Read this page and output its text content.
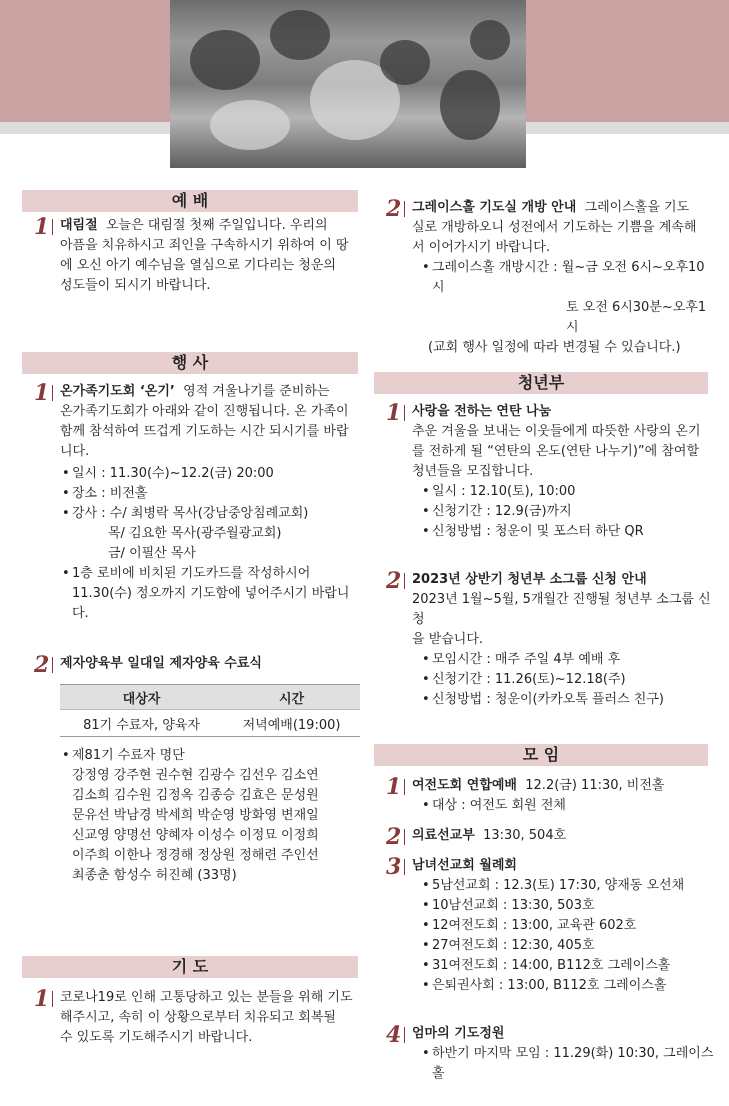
예 배
1 대림절 오늘은 대림절 첫째 주일입니다. 우리의

아픔을 치유하시고 죄인을 구속하시기 위하여 이 땅

에 오신 아기 예수님을 열심으로 기다리는 청운의

성도들이 되시기 바랍니다.

행 사
1 온가족기도회 ‘온기’ 영적 겨울나기를 준비하는

온가족기도회가 아래와 같이 진행됩니다. 온 가족이

함께 참석하여 뜨겁게 기도하는 시간 되시기를 바랍

니다.

• 일시 : 11.30(수)~12.2(금) 20:00

• 장소 : 비전홀

• 강사 : 수/ 최병락 목사(강남중앙침례교회)

목/ 김요한 목사(광주월광교회)

금/ 이필산 목사

• 1층 로비에 비치된 기도카드를 작성하시어

11.30(수) 정오까지 기도함에 넣어주시기 바랍니다.

2 제자양육부 일대일 제자양육 수료식

대상자	시간
81기 수료자, 양육자	저녁예배(19:00)

• 제81기 수료자 명단

강정영 강주현 권수현 김광수 김선우 김소연

김소희 김수원 김정옥 김종승 김효은 문성원

문유선 박남경 박세희 박순영 방화영 변재일

신교영 양명선 양혜자 이성수 이정묘 이정희

이주희 이한나 정경해 정상원 정해련 주인선

최종춘 함성수 허진혜 (33명)

기 도
1 코로나19로 인해 고통당하고 있는 분들을 위해 기도

해주시고, 속히 이 상황으로부터 치유되고 회복될

수 있도록 기도해주시기 바랍니다.

2 그레이스홀 기도실 개방 안내 그레이스홀을 기도

실로 개방하오니 성전에서 기도하는 기쁨을 계속해

서 이어가시기 바랍니다.

• 그레이스홀 개방시간 : 월~금 오전 6시~오후10시

토 오전 6시30분~오후1시

(교회 행사 일정에 따라 변경될 수 있습니다.)

청년부
1 사랑을 전하는 연탄 나눔

추운 겨울을 보내는 이웃들에게 따뜻한 사랑의 온기

를 전하게 될 “연탄의 온도(연탄 나누기)”에 참여할

청년들을 모집합니다.

• 일시 : 12.10(토), 10:00

• 신청기간 : 12.9(금)까지

• 신청방법 : 청운이 및 포스터 하단 QR

2 2023년 상반기 청년부 소그룹 신청 안내

2023년 1월~5월, 5개월간 진행될 청년부 소그룹 신청

을 받습니다.

• 모임시간 : 매주 주일 4부 예배 후

• 신청기간 : 11.26(토)~12.18(주)

• 신청방법 : 청운이(카카오톡 플러스 친구)

모 임
1 여전도회 연합예배 12.2(금) 11:30, 비전홀

• 대상 : 여전도 회원 전체

2 의료선교부 13:30, 504호

3 남녀선교회 월례회

• 5남선교회 : 12.3(토) 17:30, 양재동 오선채

• 10남선교회 : 13:30, 503호

• 12여전도회 : 13:00, 교육관 602호

• 27여전도회 : 12:30, 405호

• 31여전도회 : 14:00, B112호 그레이스홀

• 은퇴권사회 : 13:00, B112호 그레이스홀

4 엄마의 기도정원

• 하반기 마지막 모임 : 11.29(화) 10:30, 그레이스홀
